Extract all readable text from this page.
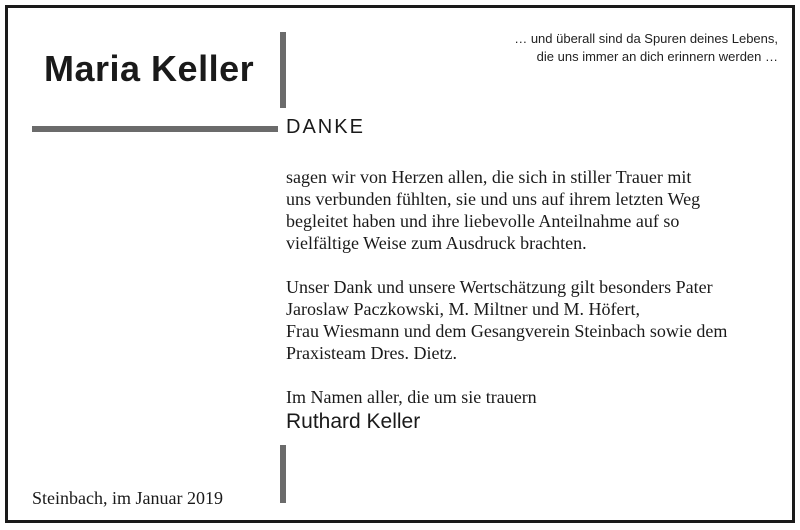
Maria Keller
… und überall sind da Spuren deines Lebens,
die uns immer an dich erinnern werden …
DANKE
sagen wir von Herzen allen, die sich in stiller Trauer mit
uns verbunden fühlten, sie und uns auf ihrem letzten Weg
begleitet haben und ihre liebevolle Anteilnahme auf so
vielfältige Weise zum Ausdruck brachten.
Unser Dank und unsere Wertschätzung gilt besonders Pater
Jaroslaw Paczkowski, M. Miltner und M. Höfert,
Frau Wiesmann und dem Gesangverein Steinbach sowie dem
Praxisteam Dres. Dietz.
Im Namen aller, die um sie trauern
Ruthard Keller
Steinbach, im Januar 2019
